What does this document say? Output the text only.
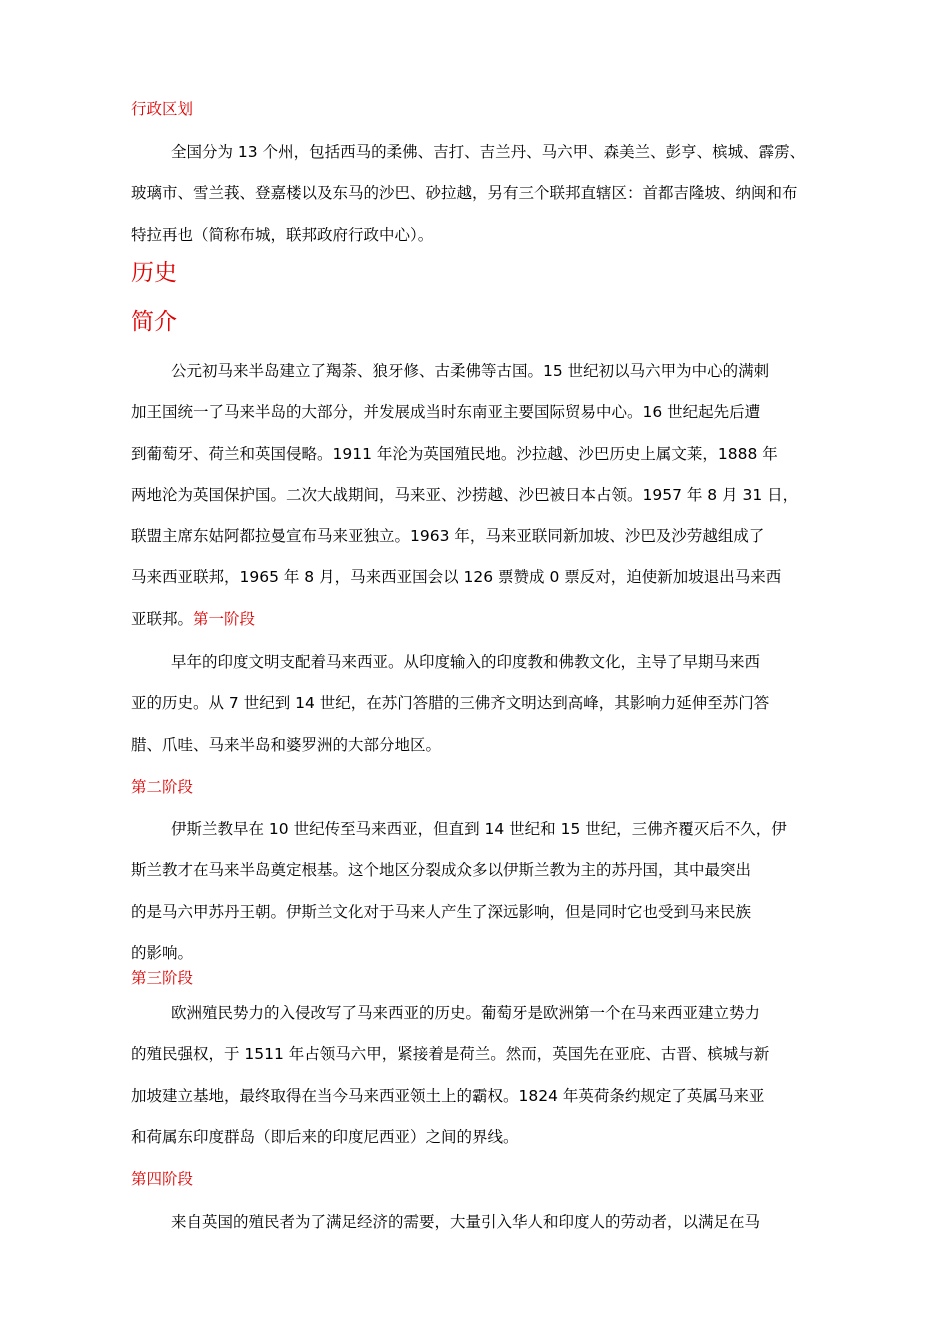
行政区划
全国分为 13 个州，包括西马的柔佛、吉打、吉兰丹、马六甲、森美兰、彭亨、槟城、霹雳、
玻璃市、雪兰莪、登嘉楼以及东马的沙巴、砂拉越，另有三个联邦直辖区：首都吉隆坡、纳闽和布
特拉再也（简称布城，联邦政府行政中心）。
历史
简介
公元初马来半岛建立了羯荼、狼牙修、古柔佛等古国。15 世纪初以马六甲为中心的满刺
加王国统一了马来半岛的大部分，并发展成当时东南亚主要国际贸易中心。16 世纪起先后遭
到葡萄牙、荷兰和英国侵略。1911 年沦为英国殖民地。沙拉越、沙巴历史上属文莱，1888 年
两地沦为英国保护国。二次大战期间，马来亚、沙捞越、沙巴被日本占领。1957 年 8 月 31 日，
联盟主席东姑阿都拉曼宣布马来亚独立。1963 年，马来亚联同新加坡、沙巴及沙劳越组成了
马来西亚联邦，1965 年 8 月，马来西亚国会以 126 票赞成 0 票反对，迫使新加坡退出马来西
亚联邦。第一阶段
早年的印度文明支配着马来西亚。从印度输入的印度教和佛教文化，主导了早期马来西
亚的历史。从 7 世纪到 14 世纪，在苏门答腊的三佛齐文明达到高峰，其影响力延伸至苏门答
腊、爪哇、马来半岛和婆罗洲的大部分地区。
第二阶段
伊斯兰教早在 10 世纪传至马来西亚，但直到 14 世纪和 15 世纪，三佛齐覆灭后不久，伊
斯兰教才在马来半岛奠定根基。这个地区分裂成众多以伊斯兰教为主的苏丹国，其中最突出
的是马六甲苏丹王朝。伊斯兰文化对于马来人产生了深远影响，但是同时它也受到马来民族
的影响。
第三阶段
欧洲殖民势力的入侵改写了马来西亚的历史。葡萄牙是欧洲第一个在马来西亚建立势力
的殖民强权，于 1511 年占领马六甲，紧接着是荷兰。然而，英国先在亚庇、古晋、槟城与新
加坡建立基地，最终取得在当今马来西亚领土上的霸权。1824 年英荷条约规定了英属马来亚
和荷属东印度群岛（即后来的印度尼西亚）之间的界线。
第四阶段
来自英国的殖民者为了满足经济的需要，大量引入华人和印度人的劳动者，以满足在马
